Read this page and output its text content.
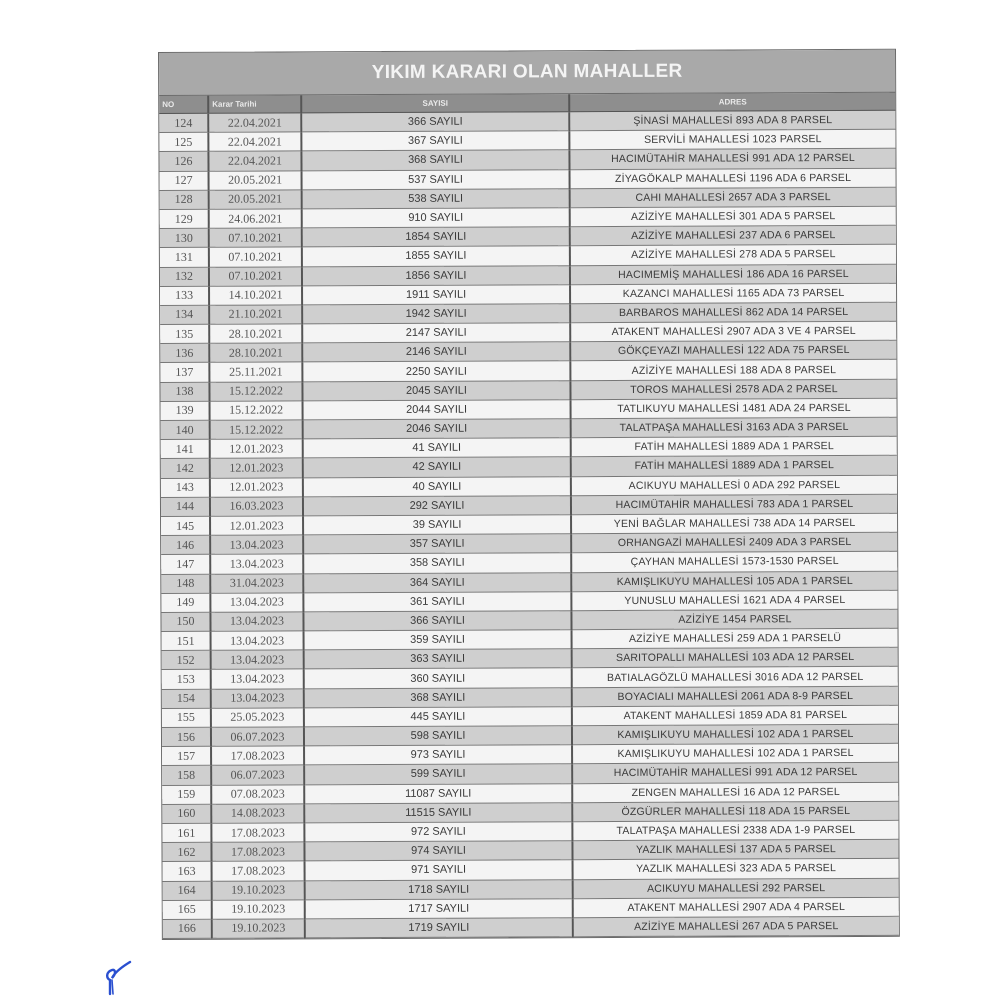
YIKIM KARARI OLAN MAHALLER
NO	Karar Tarihi	SAYISI	ADRES
124	22.04.2021	366 SAYILI	ŞİNASİ MAHALLESİ 893 ADA 8 PARSEL
125	22.04.2021	367 SAYILI	SERVİLİ MAHALLESİ 1023 PARSEL
126	22.04.2021	368 SAYILI	HACIMÜTAHİR MAHALLESİ 991 ADA 12 PARSEL
127	20.05.2021	537 SAYILI	ZİYAGÖKALP MAHALLESİ 1196 ADA 6 PARSEL
128	20.05.2021	538 SAYILI	CAHI MAHALLESİ 2657 ADA 3 PARSEL
129	24.06.2021	910 SAYILI	AZİZİYE MAHALLESİ 301 ADA 5 PARSEL
130	07.10.2021	1854 SAYILI	AZİZİYE MAHALLESİ 237 ADA 6 PARSEL
131	07.10.2021	1855 SAYILI	AZİZİYE MAHALLESİ 278 ADA 5 PARSEL
132	07.10.2021	1856 SAYILI	HACIMEMİŞ MAHALLESİ 186 ADA 16 PARSEL
133	14.10.2021	1911 SAYILI	KAZANCI MAHALLESİ 1165 ADA 73 PARSEL
134	21.10.2021	1942 SAYILI	BARBAROS MAHALLESİ 862 ADA 14 PARSEL
135	28.10.2021	2147 SAYILI	ATAKENT MAHALLESİ 2907 ADA 3 VE 4 PARSEL
136	28.10.2021	2146 SAYILI	GÖKÇEYAZI MAHALLESİ 122 ADA 75 PARSEL
137	25.11.2021	2250 SAYILI	AZİZİYE MAHALLESİ 188 ADA 8 PARSEL
138	15.12.2022	2045 SAYILI	TOROS MAHALLESİ 2578 ADA 2 PARSEL
139	15.12.2022	2044 SAYILI	TATLIKUYU MAHALLESİ 1481 ADA 24 PARSEL
140	15.12.2022	2046 SAYILI	TALATPAŞA MAHALLESİ 3163 ADA 3 PARSEL
141	12.01.2023	41 SAYILI	FATİH MAHALLESİ 1889 ADA 1 PARSEL
142	12.01.2023	42 SAYILI	FATİH MAHALLESİ 1889 ADA 1 PARSEL
143	12.01.2023	40 SAYILI	ACIKUYU MAHALLESİ 0 ADA 292 PARSEL
144	16.03.2023	292 SAYILI	HACIMÜTAHİR MAHALLESİ 783 ADA 1 PARSEL
145	12.01.2023	39 SAYILI	YENİ BAĞLAR MAHALLESİ 738 ADA 14 PARSEL
146	13.04.2023	357 SAYILI	ORHANGAZİ MAHALLESİ 2409 ADA 3 PARSEL
147	13.04.2023	358 SAYILI	ÇAYHAN MAHALLESİ 1573-1530 PARSEL
148	31.04.2023	364 SAYILI	KAMIŞLIKUYU MAHALLESİ 105 ADA 1 PARSEL
149	13.04.2023	361 SAYILI	YUNUSLU MAHALLESİ 1621 ADA 4 PARSEL
150	13.04.2023	366 SAYILI	AZİZİYE 1454 PARSEL
151	13.04.2023	359 SAYILI	AZİZİYE MAHALLESİ 259 ADA 1 PARSELÜ
152	13.04.2023	363 SAYILI	SARITOPALLI MAHALLESİ 103 ADA 12 PARSEL
153	13.04.2023	360 SAYILI	BATIALAGÖZLÜ MAHALLESİ 3016 ADA 12 PARSEL
154	13.04.2023	368 SAYILI	BOYACIALI MAHALLESİ 2061 ADA 8-9 PARSEL
155	25.05.2023	445 SAYILI	ATAKENT MAHALLESİ 1859 ADA 81 PARSEL
156	06.07.2023	598 SAYILI	KAMIŞLIKUYU MAHALLESİ 102 ADA 1 PARSEL
157	17.08.2023	973 SAYILI	KAMIŞLIKUYU MAHALLESİ 102 ADA 1 PARSEL
158	06.07.2023	599 SAYILI	HACIMÜTAHİR MAHALLESİ 991 ADA 12 PARSEL
159	07.08.2023	11087 SAYILI	ZENGEN MAHALLESİ 16 ADA 12 PARSEL
160	14.08.2023	11515 SAYILI	ÖZGÜRLER MAHALLESİ 118 ADA 15 PARSEL
161	17.08.2023	972 SAYILI	TALATPAŞA MAHALLESİ 2338 ADA 1-9 PARSEL
162	17.08.2023	974 SAYILI	YAZLIK MAHALLESİ 137 ADA 5 PARSEL
163	17.08.2023	971 SAYILI	YAZLIK MAHALLESİ 323 ADA 5 PARSEL
164	19.10.2023	1718 SAYILI	ACIKUYU MAHALLESİ 292 PARSEL
165	19.10.2023	1717 SAYILI	ATAKENT MAHALLESİ 2907 ADA 4 PARSEL
166	19.10.2023	1719 SAYILI	AZİZİYE MAHALLESİ 267 ADA 5 PARSEL
